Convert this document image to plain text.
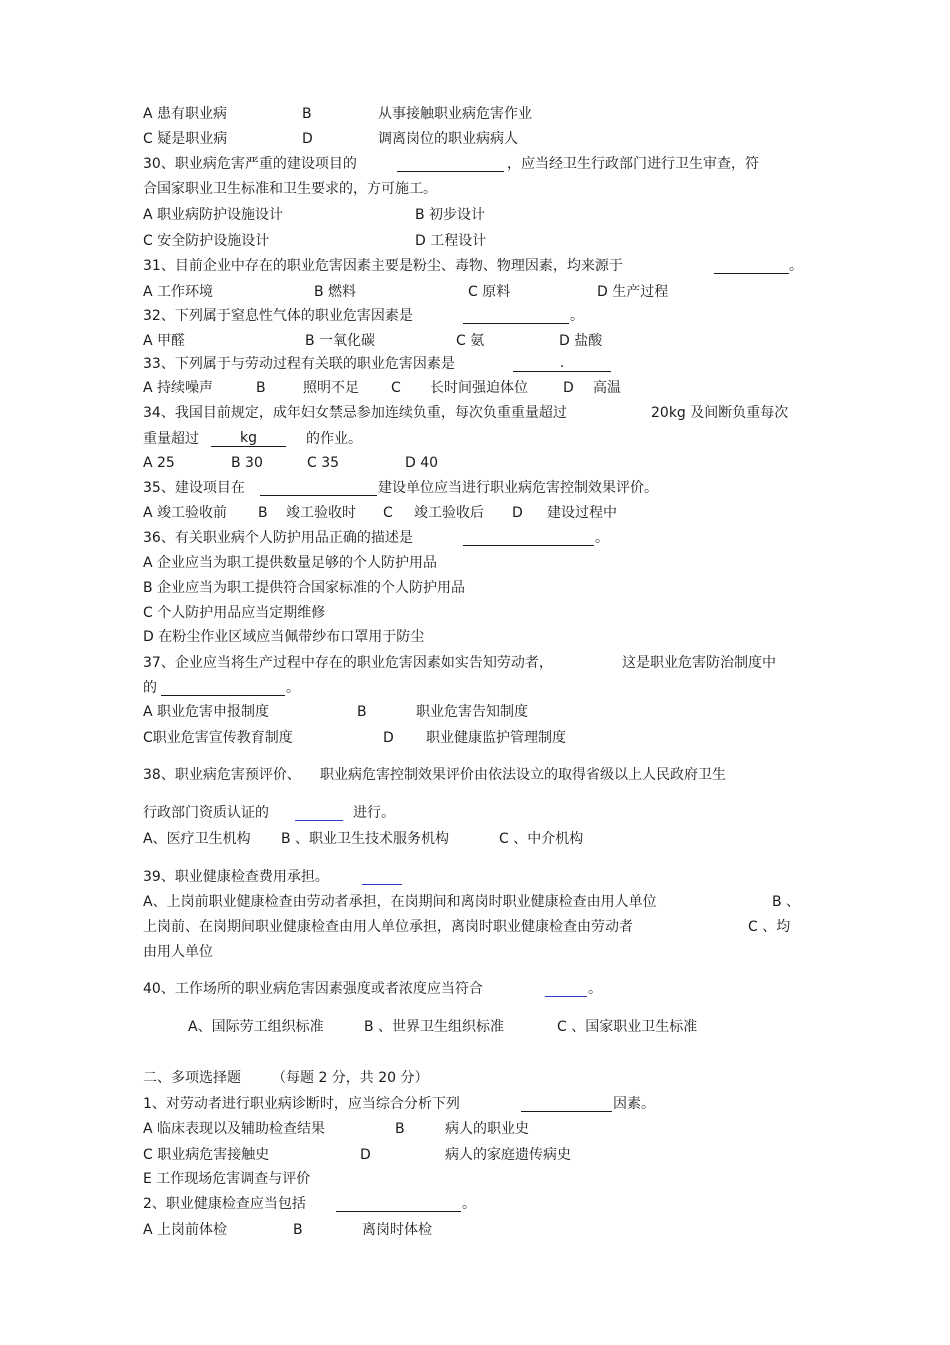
A 患有职业病	B	从事接触职业病危害作业
C 疑是职业病	D	调离岗位的职业病病人
30、职业病危害严重的建设项目的	，应当经卫生行政部门进行卫生审查，符
合国家职业卫生标准和卫生要求的，方可施工。
A 职业病防护设施设计	B 初步设计
C 安全防护设施设计	D 工程设计
31、目前企业中存在的职业危害因素主要是粉尘、毒物、物理因素，均来源于	。
A 工作环境	B 燃料	C 原料	D 生产过程
32、下列属于窒息性气体的职业危害因素是	。
A 甲醛	B 一氧化碳	C 氨	D 盐酸
33、下列属于与劳动过程有关联的职业危害因素是	.
A 持续噪声	B	照明不足 C 长时间强迫体位	D 高温
34、我国目前规定，成年妇女禁忌参加连续负重，每次负重重量超过	20kg 及间断负重每次
重量超过	kg	的作业。
A 25	B 30	C 35	D 40
35、建设项目在	建设单位应当进行职业病危害控制效果评价。
A 竣工验收前 B 竣工验收时 C 竣工验收后 D 建设过程中
36、有关职业病个人防护用品正确的描述是	。
A 企业应当为职工提供数量足够的个人防护用品
B 企业应当为职工提供符合国家标准的个人防护用品
C 个人防护用品应当定期维修
D 在粉尘作业区域应当佩带纱布口罩用于防尘
37、企业应当将生产过程中存在的职业危害因素如实告知劳动者，	这是职业危害防治制度中
的	。
A 职业危害申报制度	B	职业危害告知制度
C职业危害宣传教育制度	D 职业健康监护管理制度
38、职业病危害预评价、 职业病危害控制效果评价由依法设立的取得省级以上人民政府卫生
行政部门资质认证的	进行。
A、医疗卫生机构 B 、职业卫生技术服务机构	C 、中介机构
39、职业健康检查费用承担。
A、上岗前职业健康检查由劳动者承担，在岗期间和离岗时职业健康检查由用人单位	B 、
上岗前、在岗期间职业健康检查由用人单位承担，离岗时职业健康检查由劳动者	C 、均
由用人单位
40、工作场所的职业病危害因素强度或者浓度应当符合	。
A、国际劳工组织标准	B 、世界卫生组织标准	C 、国家职业卫生标准
二、多项选择题 （每题 2 分，共 20 分）
1、对劳动者进行职业病诊断时，应当综合分析下列	因素。
A 临床表现以及辅助检查结果	B	病人的职业史
C 职业病危害接触史	D	病人的家庭遗传病史
E 工作现场危害调查与评价
2、职业健康检查应当包括	。
A 上岗前体检	B	离岗时体检
